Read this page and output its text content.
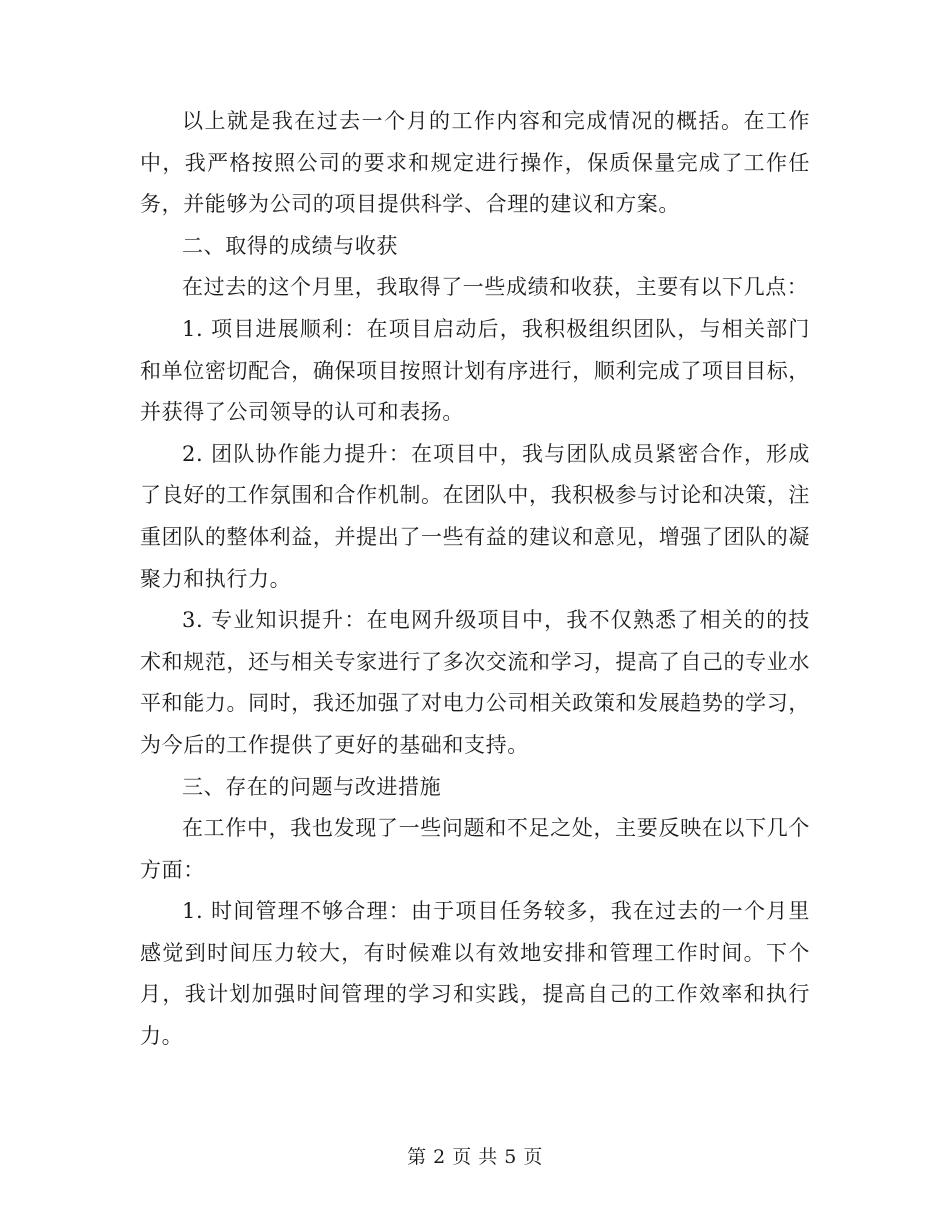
以上就是我在过去一个月的工作内容和完成情况的概括。在工作中，我严格按照公司的要求和规定进行操作，保质保量完成了工作任务，并能够为公司的项目提供科学、合理的建议和方案。

二、取得的成绩与收获

在过去的这个月里，我取得了一些成绩和收获，主要有以下几点：

1. 项目进展顺利：在项目启动后，我积极组织团队，与相关部门和单位密切配合，确保项目按照计划有序进行，顺利完成了项目目标，并获得了公司领导的认可和表扬。

2. 团队协作能力提升：在项目中，我与团队成员紧密合作，形成了良好的工作氛围和合作机制。在团队中，我积极参与讨论和决策，注重团队的整体利益，并提出了一些有益的建议和意见，增强了团队的凝聚力和执行力。

3. 专业知识提升：在电网升级项目中，我不仅熟悉了相关的的技术和规范，还与相关专家进行了多次交流和学习，提高了自己的专业水平和能力。同时，我还加强了对电力公司相关政策和发展趋势的学习，为今后的工作提供了更好的基础和支持。

三、存在的问题与改进措施

在工作中，我也发现了一些问题和不足之处，主要反映在以下几个方面：

1. 时间管理不够合理：由于项目任务较多，我在过去的一个月里感觉到时间压力较大，有时候难以有效地安排和管理工作时间。下个月，我计划加强时间管理的学习和实践，提高自己的工作效率和执行力。

第 2 页 共 5 页
